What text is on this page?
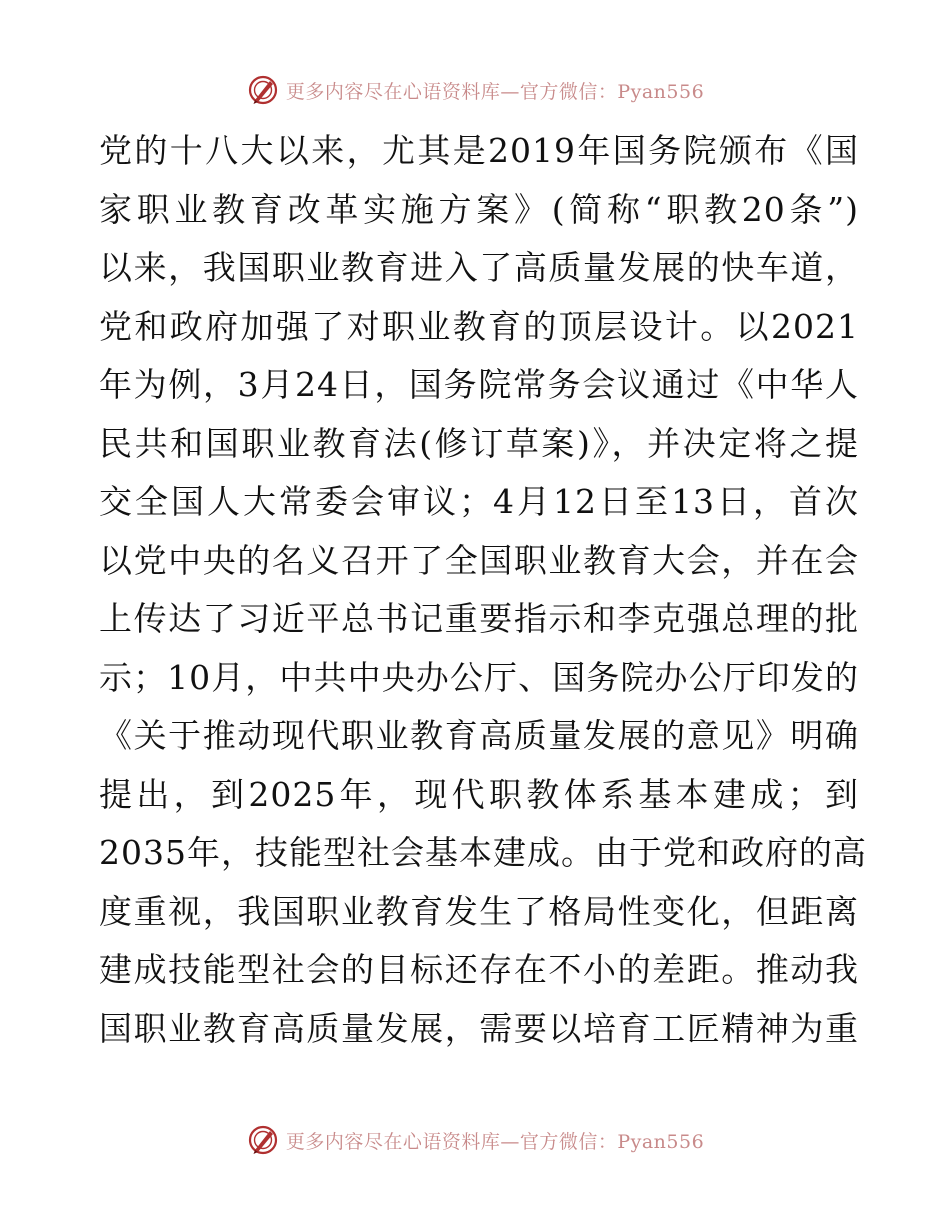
更多内容尽在心语资料库—官方微信：Pyan556
党的十八大以来，尤其是2019年国务院颁布《国
家职业教育改革实施方案》(简称“职教20条”)
以来，我国职业教育进入了高质量发展的快车道，
党和政府加强了对职业教育的顶层设计。以2021
年为例，3月24日，国务院常务会议通过《中华人
民共和国职业教育法(修订草案)》，并决定将之提
交全国人大常委会审议；4月12日至13日，首次
以党中央的名义召开了全国职业教育大会，并在会
上传达了习近平总书记重要指示和李克强总理的批
示；10月，中共中央办公厅、国务院办公厅印发的
《关于推动现代职业教育高质量发展的意见》明确
提出，到2025年，现代职教体系基本建成；到
2035年，技能型社会基本建成。由于党和政府的高
度重视，我国职业教育发生了格局性变化，但距离
建成技能型社会的目标还存在不小的差距。推动我
国职业教育高质量发展，需要以培育工匠精神为重
更多内容尽在心语资料库—官方微信：Pyan556
